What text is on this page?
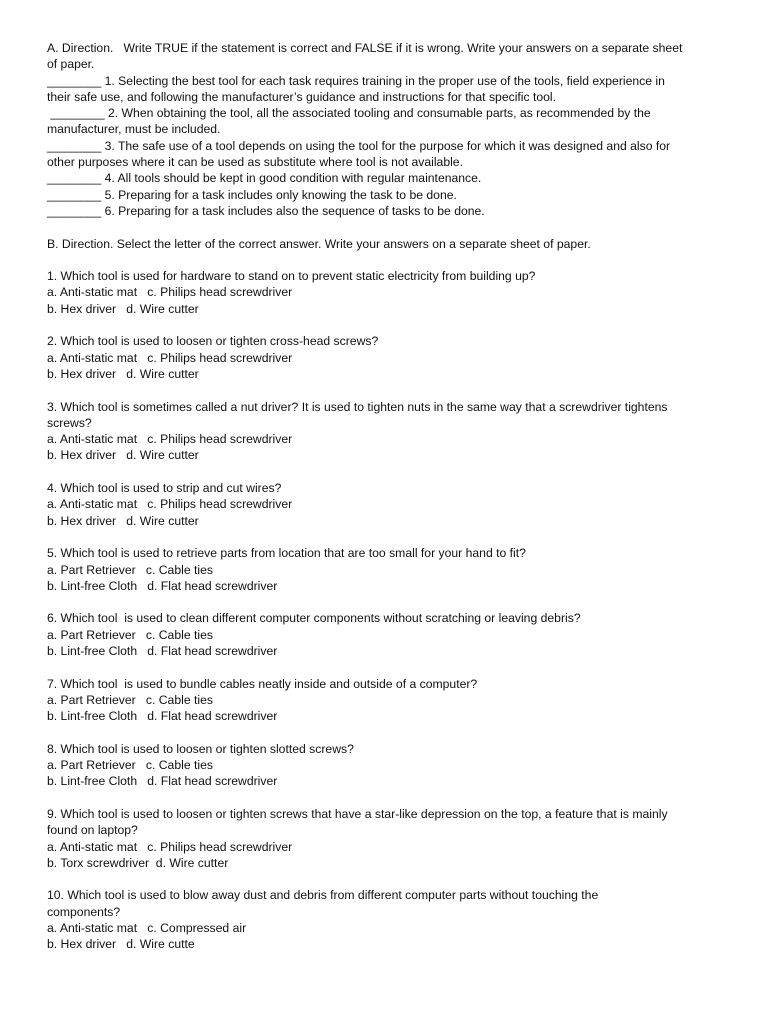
A. Direction.   Write TRUE if the statement is correct and FALSE if it is wrong. Write your answers on a separate sheet
of paper.
________ 1. Selecting the best tool for each task requires training in the proper use of the tools, field experience in
their safe use, and following the manufacturer’s guidance and instructions for that specific tool.
________ 2. When obtaining the tool, all the associated tooling and consumable parts, as recommended by the
manufacturer, must be included.
________ 3. The safe use of a tool depends on using the tool for the purpose for which it was designed and also for
other purposes where it can be used as substitute where tool is not available.
________ 4. All tools should be kept in good condition with regular maintenance.
________ 5. Preparing for a task includes only knowing the task to be done.
________ 6. Preparing for a task includes also the sequence of tasks to be done.
B. Direction. Select the letter of the correct answer. Write your answers on a separate sheet of paper.
1. Which tool is used for hardware to stand on to prevent static electricity from building up?
a. Anti-static mat   c. Philips head screwdriver
b. Hex driver   d. Wire cutter
2. Which tool is used to loosen or tighten cross-head screws?
a. Anti-static mat   c. Philips head screwdriver
b. Hex driver   d. Wire cutter
3. Which tool is sometimes called a nut driver? It is used to tighten nuts in the same way that a screwdriver tightens
screws?
a. Anti-static mat   c. Philips head screwdriver
b. Hex driver   d. Wire cutter
4. Which tool is used to strip and cut wires?
a. Anti-static mat   c. Philips head screwdriver
b. Hex driver   d. Wire cutter
5. Which tool is used to retrieve parts from location that are too small for your hand to fit?
a. Part Retriever   c. Cable ties
b. Lint-free Cloth   d. Flat head screwdriver
6. Which tool  is used to clean different computer components without scratching or leaving debris?
a. Part Retriever   c. Cable ties
b. Lint-free Cloth   d. Flat head screwdriver
7. Which tool  is used to bundle cables neatly inside and outside of a computer?
a. Part Retriever   c. Cable ties
b. Lint-free Cloth   d. Flat head screwdriver
8. Which tool is used to loosen or tighten slotted screws?
a. Part Retriever   c. Cable ties
b. Lint-free Cloth   d. Flat head screwdriver
9. Which tool is used to loosen or tighten screws that have a star-like depression on the top, a feature that is mainly
found on laptop?
a. Anti-static mat   c. Philips head screwdriver
b. Torx screwdriver  d. Wire cutter
10. Which tool is used to blow away dust and debris from different computer parts without touching the
components?
a. Anti-static mat   c. Compressed air
b. Hex driver   d. Wire cutte
